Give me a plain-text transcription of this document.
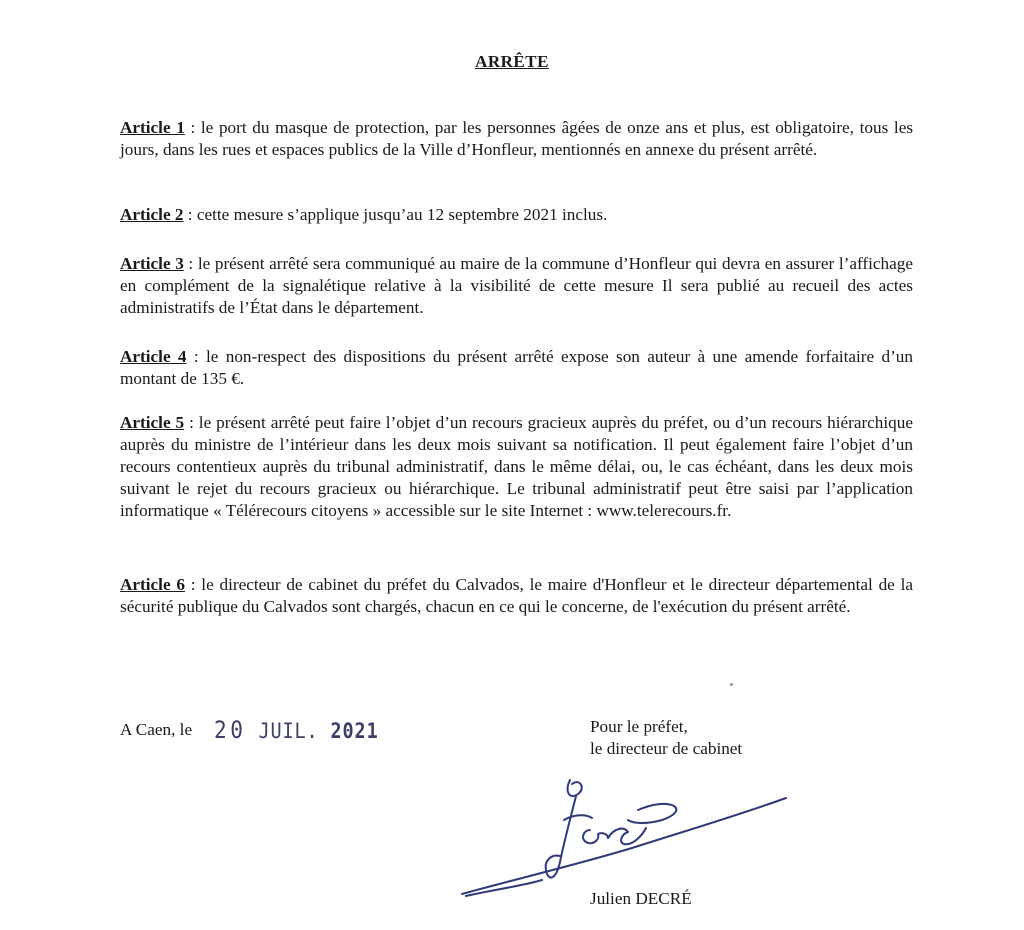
ARRÊTE

Article 1 : le port du masque de protection, par les personnes âgées de onze ans et plus, est obligatoire, tous les jours, dans les rues et espaces publics de la Ville d’Honfleur, mentionnés en annexe du présent arrêté.

Article 2 : cette mesure s’applique jusqu’au 12 septembre 2021 inclus.

Article 3 : le présent arrêté sera communiqué au maire de la commune d’Honfleur qui devra en assurer l’affichage en complément de la signalétique relative à la visibilité de cette mesure Il sera publié au recueil des actes administratifs de l’État dans le département.

Article 4 : le non-respect des dispositions du présent arrêté expose son auteur à une amende forfaitaire d’un montant de 135 €.

Article 5 : le présent arrêté peut faire l’objet d’un recours gracieux auprès du préfet, ou d’un recours hiérarchique auprès du ministre de l’intérieur dans les deux mois suivant sa notification. Il peut également faire l’objet d’un recours contentieux auprès du tribunal administratif, dans le même délai, ou, le cas échéant, dans les deux mois suivant le rejet du recours gracieux ou hiérarchique. Le tribunal administratif peut être saisi par l’application informatique « Télérecours citoyens » accessible sur le site Internet : www.telerecours.fr.

Article 6 : le directeur de cabinet du préfet du Calvados, le maire d'Honfleur et le directeur départemental de la sécurité publique du Calvados sont chargés, chacun en ce qui le concerne, de l'exécution du présent arrêté.

A Caen, le 20 JUIL. 2021	Pour le préfet,
le directeur de cabinet
Julien DECRÉ
